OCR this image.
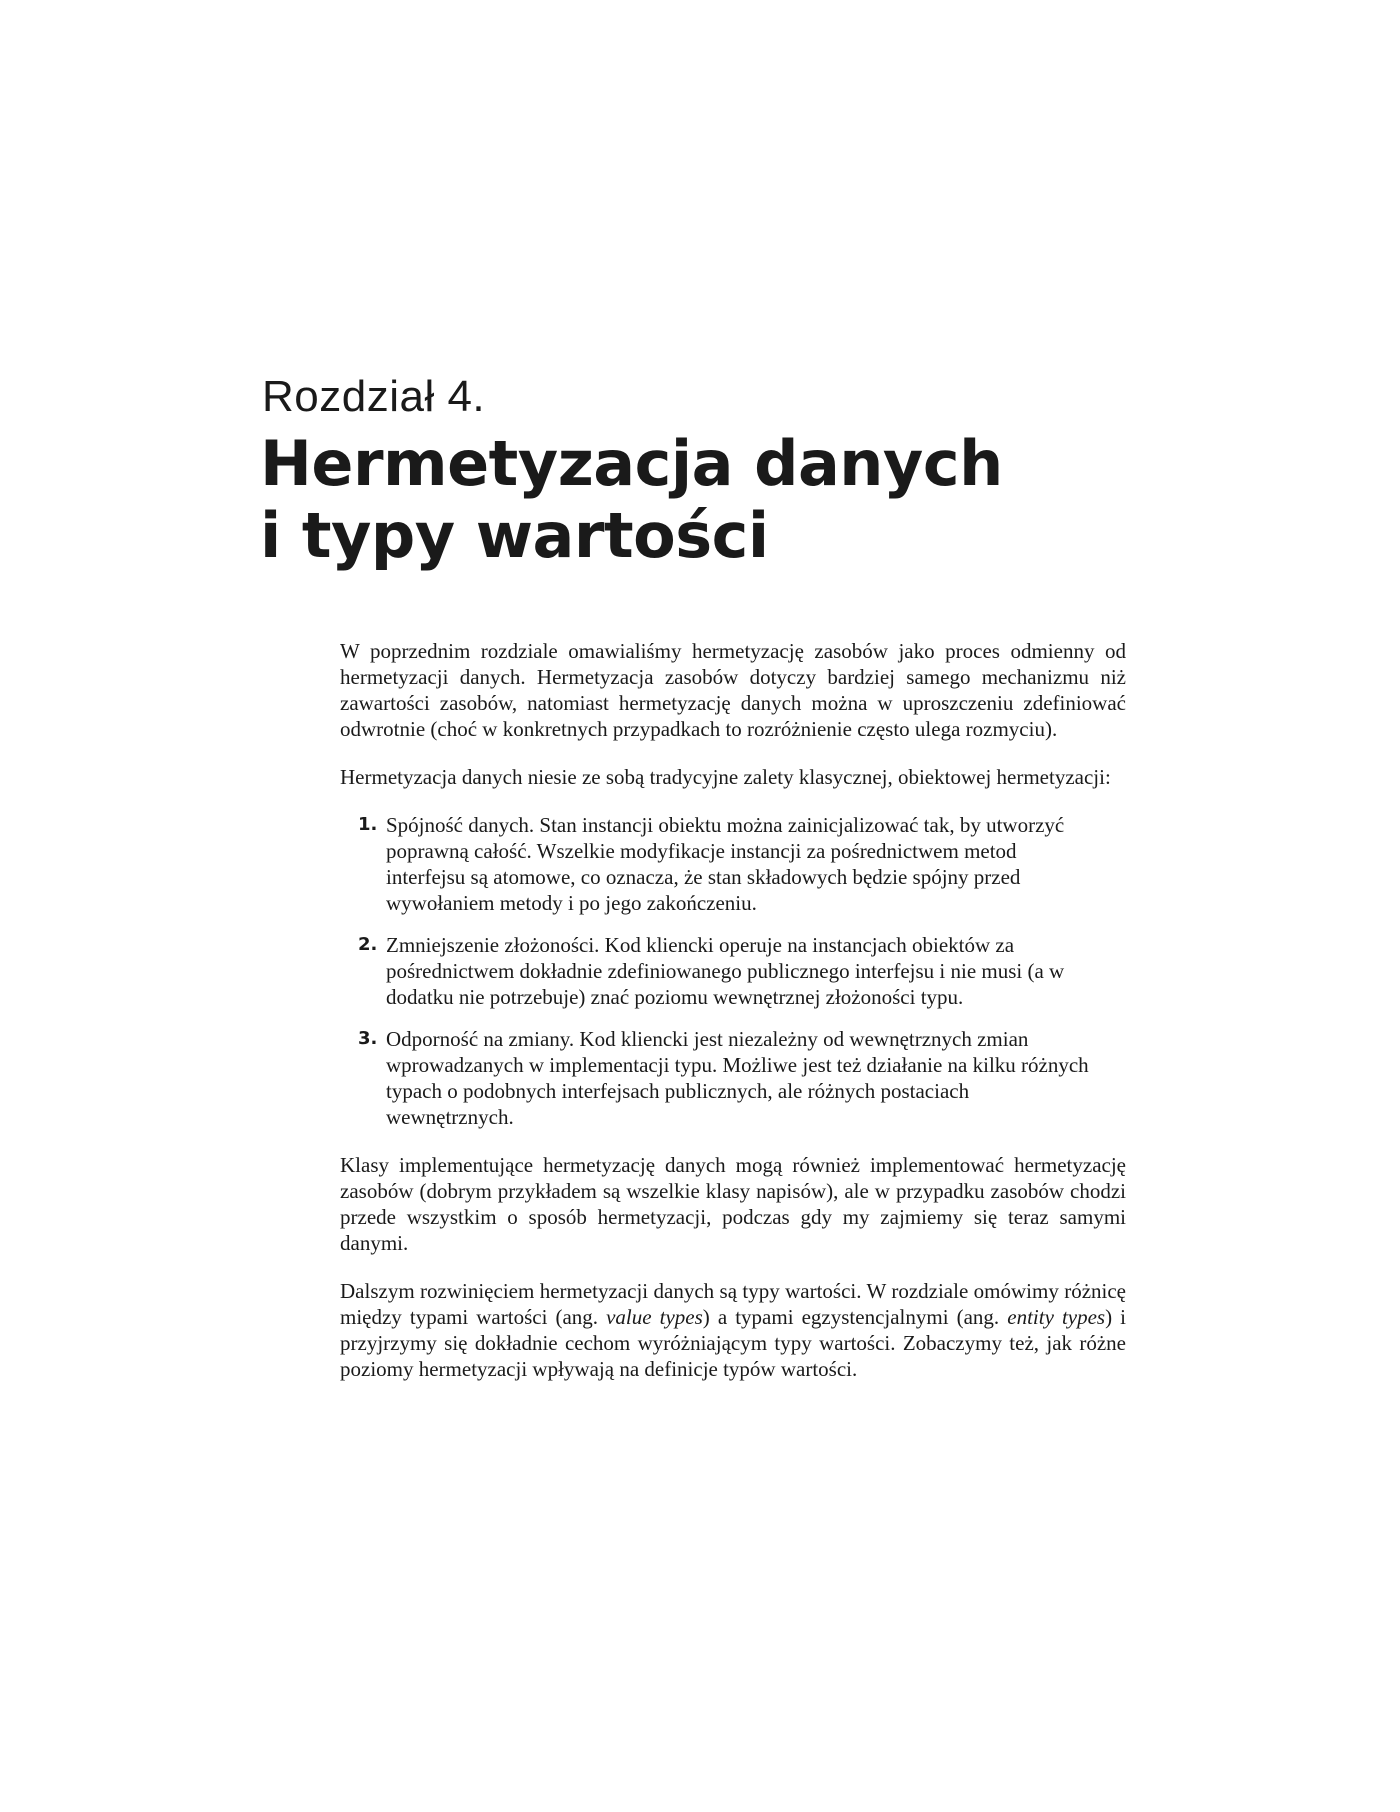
Rozdział 4.
Hermetyzacja danych
i typy wartości

W poprzednim rozdziale omawialiśmy hermetyzację zasobów jako proces odmienny od hermetyzacji danych. Hermetyzacja zasobów dotyczy bardziej samego mechanizmu niż zawartości zasobów, natomiast hermetyzację danych można w uproszczeniu zdefiniować odwrotnie (choć w konkretnych przypadkach to rozróżnienie często ulega rozmyciu).

Hermetyzacja danych niesie ze sobą tradycyjne zalety klasycznej, obiektowej hermetyzacji:

1. Spójność danych. Stan instancji obiektu można zainicjalizować tak, by utworzyć poprawną całość. Wszelkie modyfikacje instancji za pośrednictwem metod interfejsu są atomowe, co oznacza, że stan składowych będzie spójny przed wywołaniem metody i po jego zakończeniu.

2. Zmniejszenie złożoności. Kod kliencki operuje na instancjach obiektów za pośrednictwem dokładnie zdefiniowanego publicznego interfejsu i nie musi (a w dodatku nie potrzebuje) znać poziomu wewnętrznej złożoności typu.

3. Odporność na zmiany. Kod kliencki jest niezależny od wewnętrznych zmian wprowadzanych w implementacji typu. Możliwe jest też działanie na kilku różnych typach o podobnych interfejsach publicznych, ale różnych postaciach wewnętrznych.

Klasy implementujące hermetyzację danych mogą również implementować hermetyzację zasobów (dobrym przykładem są wszelkie klasy napisów), ale w przypadku zasobów chodzi przede wszystkim o sposób hermetyzacji, podczas gdy my zajmiemy się teraz samymi danymi.

Dalszym rozwinięciem hermetyzacji danych są typy wartości. W rozdziale omówimy różnicę między typami wartości (ang. value types) a typami egzystencjalnymi (ang. entity types) i przyjrzymy się dokładnie cechom wyróżniającym typy wartości. Zobaczymy też, jak różne poziomy hermetyzacji wpływają na definicje typów wartości.
